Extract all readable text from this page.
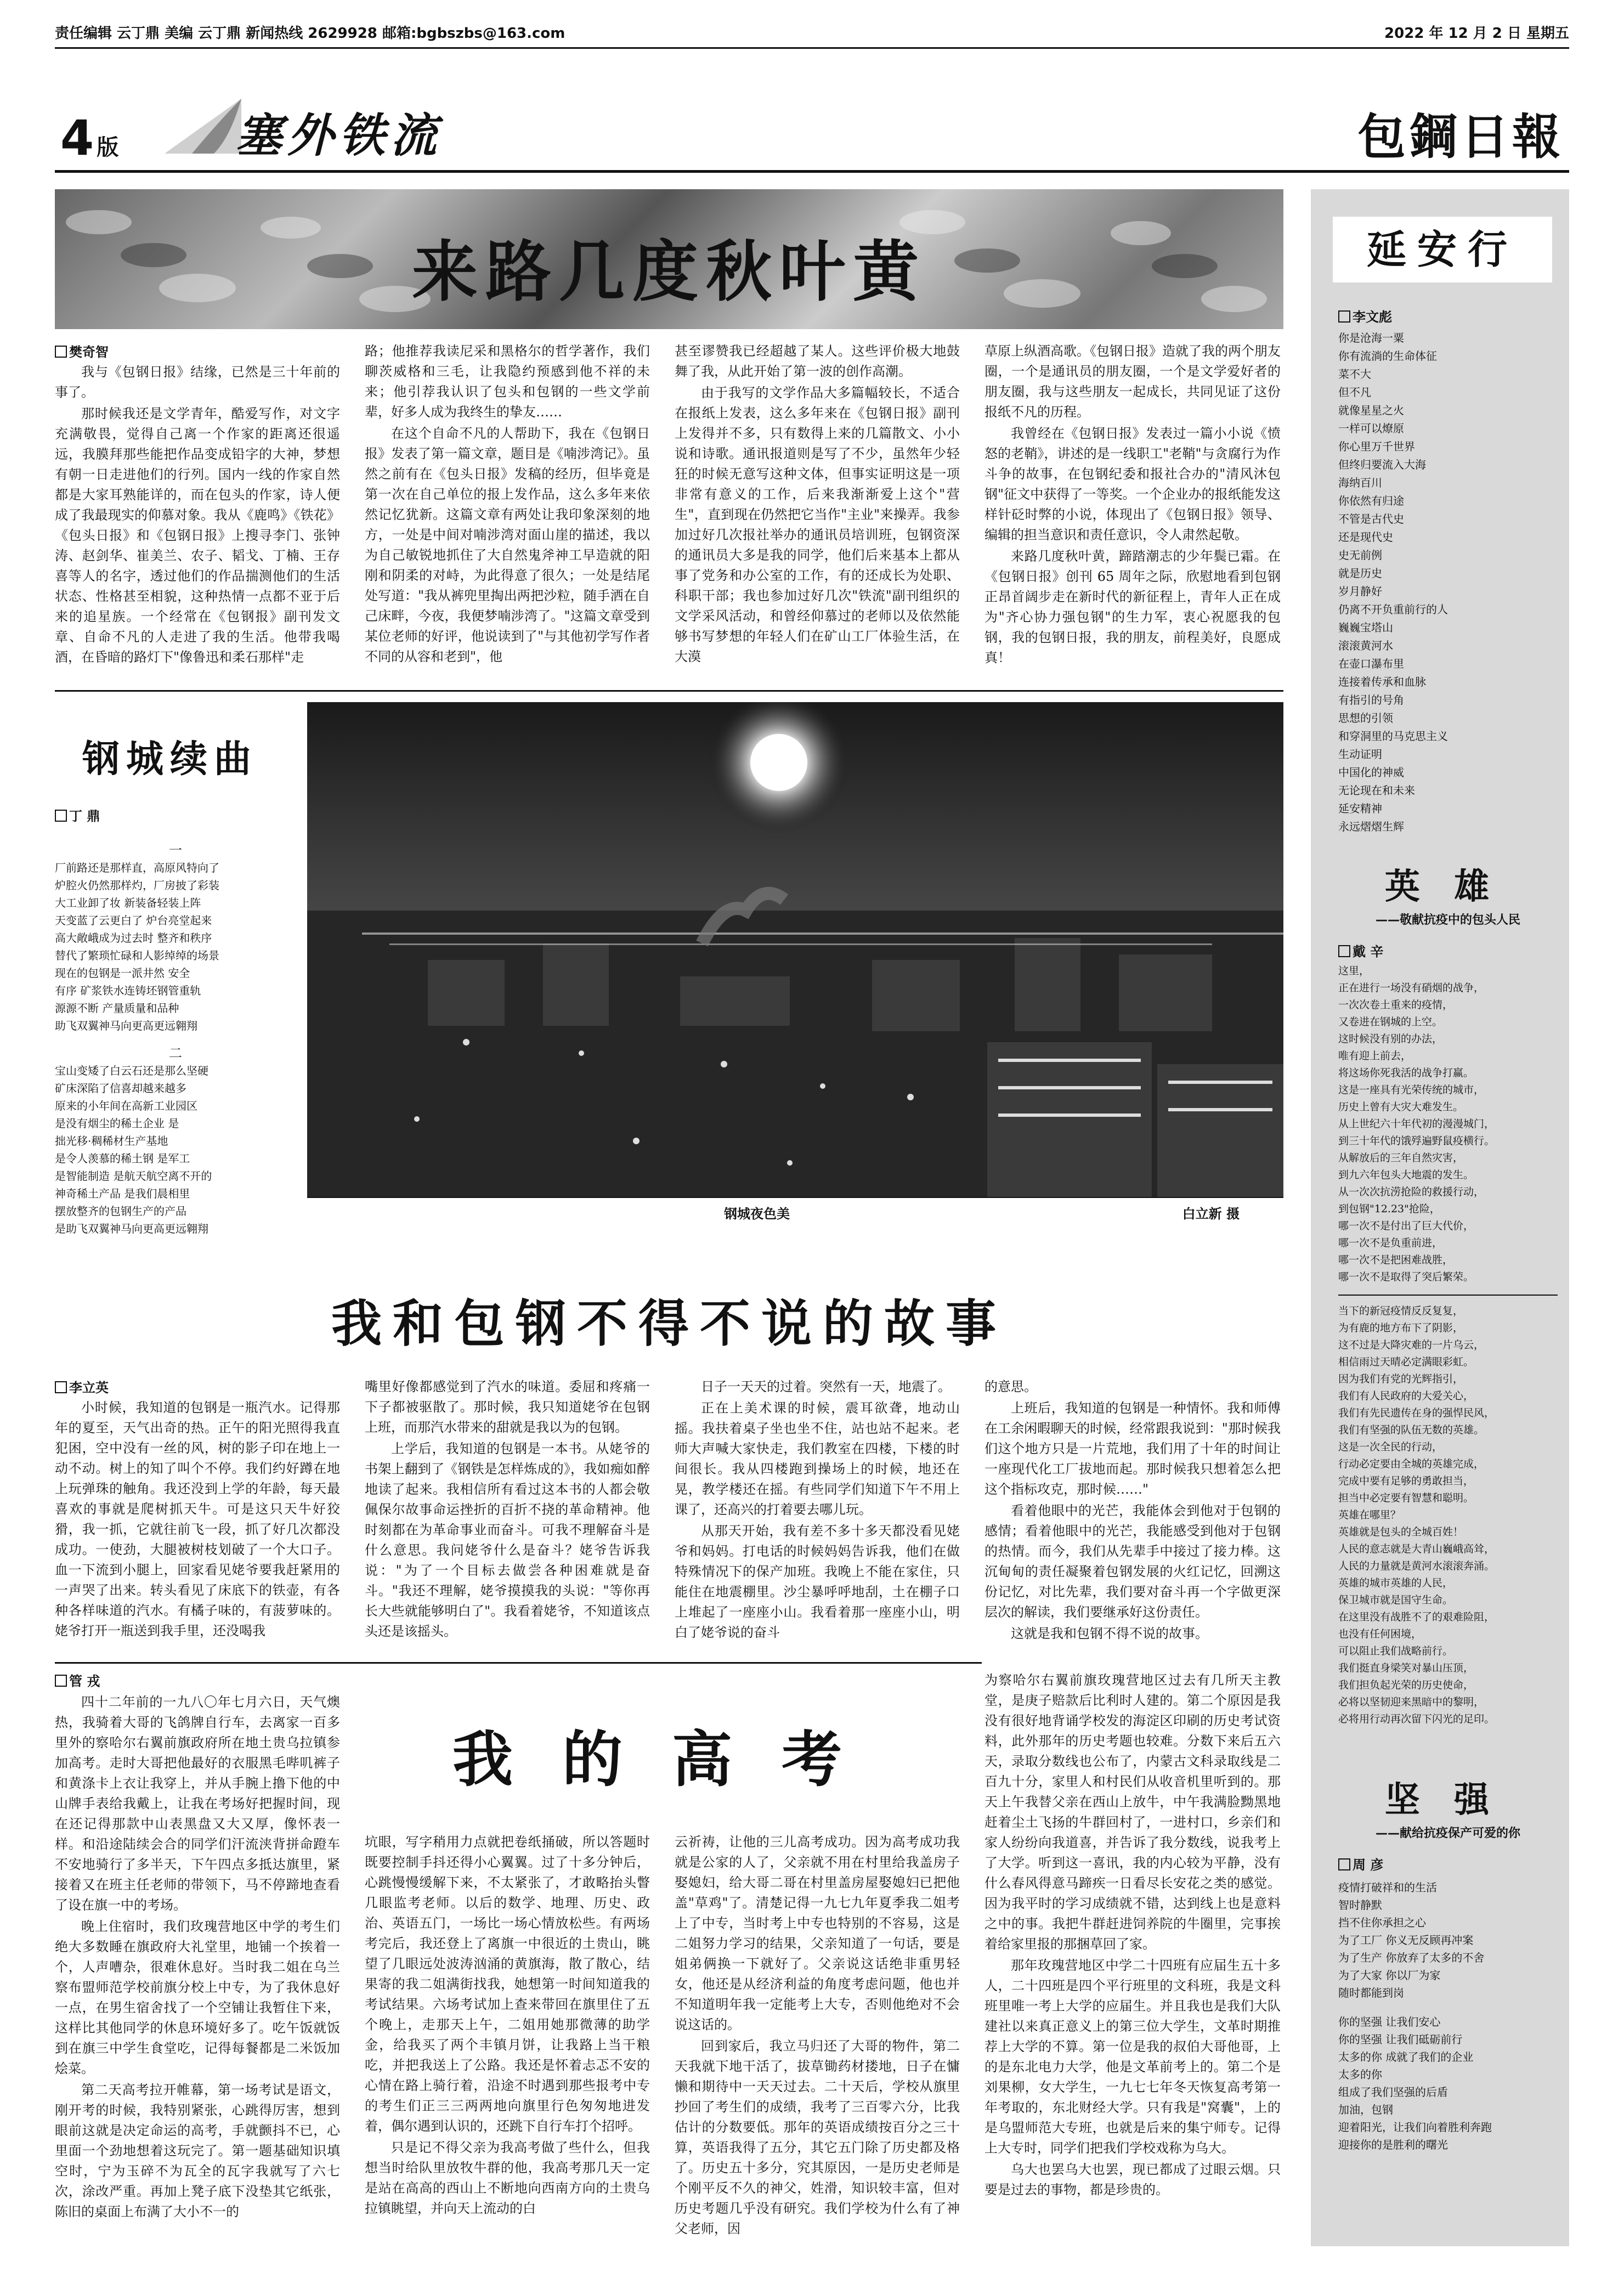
责任编辑 云丁鼎 美编 云丁鼎 新闻热线 2629928 邮箱:bgbszbs@163.com	2022 年 12 月 2 日 星期五
4 版	塞外铁流	包鋼日報
来路几度秋叶黄
樊奇智

我与《包钢日报》结缘，已然是三十年前的事了。

那时候我还是文学青年，酷爱写作，对文字充满敬畏，觉得自己离一个作家的距离还很遥远，我膜拜那些能把作品变成铅字的大神，梦想有朝一日走进他们的行列。国内一线的作家自然都是大家耳熟能详的，而在包头的作家，诗人便成了我最现实的仰慕对象。我从《鹿鸣》《铁花》《包头日报》和《包钢日报》上搜寻李门、张钟涛、赵剑华、崔美兰、农子、韬戈、丁楠、王存喜等人的名字，透过他们的作品揣测他们的生活状态、性格甚至相貌，这种热情一点都不亚于后来的追星族。一个经常在《包钢报》副刊发文章、自命不凡的人走进了我的生活。他带我喝酒，在昏暗的路灯下"像鲁迅和柔石那样"走

路；他推荐我读尼采和黑格尔的哲学著作，我们聊茨威格和三毛，让我隐约预感到他不祥的未来；他引荐我认识了包头和包钢的一些文学前辈，好多人成为我终生的挚友……

在这个自命不凡的人帮助下，我在《包钢日报》发表了第一篇文章，题目是《喃涉湾记》。虽然之前有在《包头日报》发稿的经历，但毕竟是第一次在自己单位的报上发作品，这么多年来依然记忆犹新。这篇文章有两处让我印象深刻的地方，一处是中间对喃涉湾对面山崖的描述，我以为自己敏锐地抓住了大自然鬼斧神工早造就的阳刚和阴柔的对峙，为此得意了很久；一处是结尾处写道："我从裤兜里掏出两把沙粒，随手洒在自己床畔，今夜，我便梦喃涉湾了。"这篇文章受到某位老师的好评，他说读到了"与其他初学写作者不同的从容和老到"，他

甚至谬赞我已经超越了某人。这些评价极大地鼓舞了我，从此开始了第一波的创作高潮。

由于我写的文学作品大多篇幅较长，不适合在报纸上发表，这么多年来在《包钢日报》副刊上发得并不多，只有数得上来的几篇散文、小小说和诗歌。通讯报道则是写了不少，虽然年少轻狂的时候无意写这种文体，但事实证明这是一项非常有意义的工作，后来我渐渐爱上这个"营生"，直到现在仍然把它当作"主业"来操弄。我参加过好几次报社举办的通讯员培训班，包钢资深的通讯员大多是我的同学，他们后来基本上都从事了党务和办公室的工作，有的还成长为处职、科职干部；我也参加过好几次"铁流"副刊组织的文学采风活动，和曾经仰慕过的老师以及依然能够书写梦想的年轻人们在矿山工厂体验生活，在大漠

草原上纵酒高歌。《包钢日报》造就了我的两个朋友圈，一个是通讯员的朋友圈，一个是文学爱好者的朋友圈，我与这些朋友一起成长，共同见证了这份报纸不凡的历程。

我曾经在《包钢日报》发表过一篇小小说《愤怒的老鞘》，讲述的是一线职工"老鞘"与贪腐行为作斗争的故事，在包钢纪委和报社合办的"清风沐包钢"征文中获得了一等奖。一个企业办的报纸能发这样针砭时弊的小说，体现出了《包钢日报》领导、编辑的担当意识和责任意识，令人肃然起敬。

来路几度秋叶黄，蹄踏潮志的少年鬓已霜。在《包钢日报》创刊 65 周年之际，欣慰地看到包钢正昂首阔步走在新时代的新征程上，青年人正在成为"齐心协力强包钢"的生力军，衷心祝愿我的包钢，我的包钢日报，我的朋友，前程美好，良愿成真！

钢城夜色美	白立新 摄
钢城续曲
丁 鼎
一
厂前路还是那样直，高原风特向了
炉腔火仍然那样灼，厂房披了彩装
大工业卸了妆 新装备轻装上阵
天变蓝了云更白了 炉台亮堂起来
高大敞峨成为过去时 整齐和秩序
替代了繁琐忙碌和人影绰绰的场景
现在的包钢是一派井然 安全
有序 矿浆铁水连铸坯钢管重轨
源源不断 产量质量和品种
助飞双翼神马向更高更远翱翔
二
宝山变矮了白云石还是那么坚硬
矿床深陷了信喜却越来越多
原来的小年间在高新工业园区
是没有烟尘的稀土企业 是
拙光移·稠稀材生产基地
是令人羡慕的稀土钢 是军工
是智能制造 是航天航空离不开的
神奇稀土产品 是我们晨相里
摆放整齐的包钢生产的产品
是助飞双翼神马向更高更远翱翔
我和包钢不得不说的故事
李立英

小时候，我知道的包钢是一瓶汽水。记得那年的夏至，天气出奇的热。正午的阳光照得我直犯困，空中没有一丝的风，树的影子印在地上一动不动。树上的知了叫个不停。我们约好蹲在地上玩弹珠的触角。我还没到上学的年龄，每天最喜欢的事就是爬树抓天牛。可是这只天牛好狡猾，我一抓，它就往前飞一段，抓了好几次都没成功。一使劲，大腿被树枝划破了一个大口子。血一下流到小腿上，回家看见姥爷要我赶紧用的一声哭了出来。转头看见了床底下的铁壶，有各种各样味道的汽水。有橘子味的，有菠萝味的。姥爷打开一瓶送到我手里，还没喝我

嘴里好像都感觉到了汽水的味道。委屈和疼痛一下子都被驱散了。那时候，我只知道姥爷在包钢上班，而那汽水带来的甜就是我以为的包钢。

上学后，我知道的包钢是一本书。从姥爷的书架上翻到了《钢铁是怎样炼成的》，我如痴如醉地读了起来。我相信所有看过这本书的人都会敬佩保尔故事命运挫折的百折不挠的革命精神。他时刻都在为革命事业而奋斗。可我不理解奋斗是什么意思。我问姥爷什么是奋斗？姥爷告诉我说："为了一个目标去做尝各种困难就是奋斗。"我还不理解，姥爷摸摸我的头说："等你再长大些就能够明白了"。我看着姥爷，不知道该点头还是该摇头。

日子一天天的过着。突然有一天，地震了。

正在上美术课的时候，震耳欲聋，地动山摇。我扶着桌子坐也坐不住，站也站不起来。老师大声喊大家快走，我们教室在四楼，下楼的时间很长。我从四楼跑到操场上的时候，地还在晃，教学楼还在摇。有些同学们知道下午不用上课了，还高兴的打着要去哪儿玩。

从那天开始，我有差不多十多天都没看见姥爷和妈妈。打电话的时候妈妈告诉我，他们在做特殊情况下的保产加班。我晚上不能在家住，只能住在地震棚里。沙尘暴呼呼地刮，土在棚子口上堆起了一座座小山。我看着那一座座小山，明白了姥爷说的奋斗

的意思。

上班后，我知道的包钢是一种情怀。我和师傅在工余闲暇聊天的时候，经常跟我说到："那时候我们这个地方只是一片荒地，我们用了十年的时间让一座现代化工厂拔地而起。那时候我只想着怎么把这个指标攻克，那时候……"

看着他眼中的光芒，我能体会到他对于包钢的感情；看着他眼中的光芒，我能感受到他对于包钢的热情。而今，我们从先辈手中接过了接力棒。这沉甸甸的责任凝聚着包钢发展的火红记忆，回溯这份记忆，对比先辈，我们要对奋斗再一个字做更深层次的解读，我们要继承好这份责任。

这就是我和包钢不得不说的故事。

管 戎
我的高考

四十二年前的一九八〇年七月六日，天气燠热，我骑着大哥的飞鸽牌自行车，去离家一百多里外的察哈尔右翼前旗政府所在地土贵乌拉镇参加高考。走时大哥把他最好的衣服黑毛哔叽裤子和黄涤卡上衣让我穿上，并从手腕上撸下他的中山牌手表给我戴上，让我在考场好把握时间，现在还记得那款中山表黑盘又大又厚，像怀表一样。和沿途陆续会合的同学们汗流浃背拼命蹬车不安地骑行了多半天，下午四点多抵达旗里，紧接着又在班主任老师的带领下，马不停蹄地查看了设在旗一中的考场。

晚上住宿时，我们玫瑰营地区中学的考生们绝大多数睡在旗政府大礼堂里，地铺一个挨着一个，人声嘈杂，很难休息好。当时我二姐在乌兰察布盟师范学校前旗分校上中专，为了我休息好一点，在男生宿舍找了一个空铺让我暂住下来，这样比其他同学的休息环境好多了。吃午饭就饭到在旗三中学生食堂吃，记得每餐都是二米饭加烩菜。

第二天高考拉开帷幕，第一场考试是语文，刚开考的时候，我特别紧张，心跳得厉害，想到眼前这就是决定命运的高考，手就颤抖不已，心里面一个劲地想着这玩完了。第一题基础知识填空时，宁为玉碎不为瓦全的瓦字我就写了六七次，涂改严重。再加上凳子底下没垫其它纸张，陈旧的桌面上布满了大小不一的

坑眼，写字稍用力点就把卷纸捅破，所以答题时既要控制手抖还得小心翼翼。过了十多分钟后，心跳慢慢缓解下来，不太紧张了，才敢略抬头瞥几眼监考老师。以后的数学、地理、历史、政治、英语五门，一场比一场心情放松些。有两场考完后，我还登上了离旗一中很近的土贵山，眺望了几眼远处波涛汹涌的黄旗海，散了散心，结果寄的我二姐满街找我，她想第一时间知道我的考试结果。六场考试加上查来带回在旗里住了五个晚上，走那天上午，二姐用她那微薄的助学金，给我买了两个丰镇月饼，让我路上当干粮吃，并把我送上了公路。我还是怀着忐忑不安的心情在路上骑行着，沿途不时遇到那些报考中专的考生们正三三两两地向旗里行色匆匆地进发着，偶尔遇到认识的，还跳下自行车打个招呼。

只是记不得父亲为我高考做了些什么，但我想当时给队里放牧牛群的他，我高考那几天一定是站在高高的西山上不断地向西南方向的土贵乌拉镇眺望，并向天上流动的白

云祈祷，让他的三儿高考成功。因为高考成功我就是公家的人了，父亲就不用在村里给我盖房子娶媳妇，给大哥二哥在村里盖房屋娶媳妇已把他盖"草鸡"了。清楚记得一九七九年夏季我二姐考上了中专，当时考上中专也特别的不容易，这是二姐努力学习的结果，父亲知道了一句话，要是姐弟俩换一下就好了。父亲说这话绝非重男轻女，他还是从经济利益的角度考虑问题，他也并不知道明年我一定能考上大专，否则他绝对不会说这话的。

回到家后，我立马归还了大哥的物件，第二天我就下地干活了，拔草锄药材搂地，日子在慵懒和期待中一天天过去。二十天后，学校从旗里抄回了考生们的成绩，我考了三百零六分，比我估计的分数要低。那年的英语成绩按百分之三十算，英语我得了五分，其它五门除了历史都及格了。历史五十多分，究其原因，一是历史老师是个刚平反不久的神父，姓滑，知识较丰富，但对历史考题几乎没有研究。我们学校为什么有了神父老师，因

为察哈尔右翼前旗玫瑰营地区过去有几所天主教堂，是庚子赔款后比利时人建的。第二个原因是我没有很好地背诵学校发的海淀区印刷的历史考试资料，此外那年的历史考题也较难。分数下来后五六天，录取分数线也公布了，内蒙古文科录取线是二百九十分，家里人和村民们从收音机里听到的。那天上午我替父亲在西山上放牛，中午我满脸黝黑地赶着尘土飞扬的牛群回村了，一进村口，乡亲们和家人纷纷向我道喜，并告诉了我分数线，说我考上了大学。听到这一喜讯，我的内心较为平静，没有什么春风得意马蹄疾一日看尽长安花之类的感觉。因为我平时的学习成绩就不错，达到线上也是意料之中的事。我把牛群赶进饲养院的牛圈里，完事挨着给家里报的那捆草回了家。

那年玫瑰营地区中学二十四班有应届生五十多人，二十四班是四个平行班里的文科班，我是文科班里唯一考上大学的应届生。并且我也是我们大队建社以来真正意义上的第三位大学生，文革时期推荐上大学的不算。第一位是我的叔伯大哥他哥，上的是东北电力大学，他是文革前考上的。第二个是刘果柳，女大学生，一九七七年冬天恢复高考第一年考取的，东北财经大学。只有我是"窝囊"，上的是乌盟师范大专班，也就是后来的集宁师专。记得上大专时，同学们把我们学校戏称为乌大。

乌大也罢乌大也罢，现已都成了过眼云烟。只要是过去的事物，都是珍贵的。

延安行
李文彪
你是沧海一粟
你有流淌的生命体征
菜不大
但不凡
就像星星之火
一样可以燎原
你心里万千世界
但终归要流入大海
海纳百川
你依然有归途
不管是古代史
还是现代史
史无前例
就是历史
岁月静好
仍离不开负重前行的人
巍巍宝塔山
滚滚黄河水
在壶口瀑布里
连接着传承和血脉
有指引的号角
思想的引领
和穿洞里的马克思主义
生动证明
中国化的神威
无论现在和未来
延安精神
永远熠熠生辉
英 雄
——敬献抗疫中的包头人民
戴 辛
这里，
正在进行一场没有硝烟的战争，
一次次卷土重来的疫情，
又卷进在钢城的上空。
这时候没有别的办法，
唯有迎上前去，
将这场你死我活的战争打赢。
这是一座具有光荣传统的城市，
历史上曾有大灾大难发生。
从上世纪六十年代初的漫漫城门，
到三十年代的饿殍遍野鼠疫横行。
从解放后的三年自然灾害，
到九六年包头大地震的发生。
从一次次抗涝抢险的救援行动，
到包钢"12.23"抢险，
哪一次不是付出了巨大代价，
哪一次不是负重前进，
哪一次不是把困难战胜，
哪一次不是取得了突后繁荣。
当下的新冠疫情反反复复，
为有鹿的地方布下了阴影，
这不过是大降灾难的一片乌云，
相信雨过天晴必定满眼彩虹。
因为我们有党的光辉指引，
我们有人民政府的大爱关心，
我们有先民遗传在身的强悍民风，
我们有坚强的队伍无数的英雄。
这是一次全民的行动，
行动必定要由全城的英雄完成，
完成中要有足够的勇敢担当，
担当中必定要有智慧和聪明。
英雄在哪里？
英雄就是包头的全城百姓！
人民的意志就是大青山巍峨高耸，
人民的力量就是黄河水滚滚奔涌。
英雄的城市英雄的人民，
保卫城市就是国守生命。
在这里没有战胜不了的艰难险阻，
也没有任何困境，
可以阻止我们战略前行。
我们挺直身梁笑对暴山压顶，
我们担负起光荣的历史使命，
必将以坚韧迎来黑暗中的黎明，
必将用行动再次留下闪光的足印。
坚 强
——献给抗疫保产可爱的你
周 彦
疫情打破祥和的生活
智时静默
挡不住你承担之心
为了工厂 你义无反顾再冲案
为了生产 你放弃了太多的不舍
为了大家 你以厂为家
随时都能到岗
你的坚强 让我们安心
你的坚强 让我们砥砺前行
太多的你 成就了我们的企业
太多的你
组成了我们坚强的后盾
加油，包钢
迎着阳光，让我们向着胜利奔跑
迎接你的是胜利的曙光
